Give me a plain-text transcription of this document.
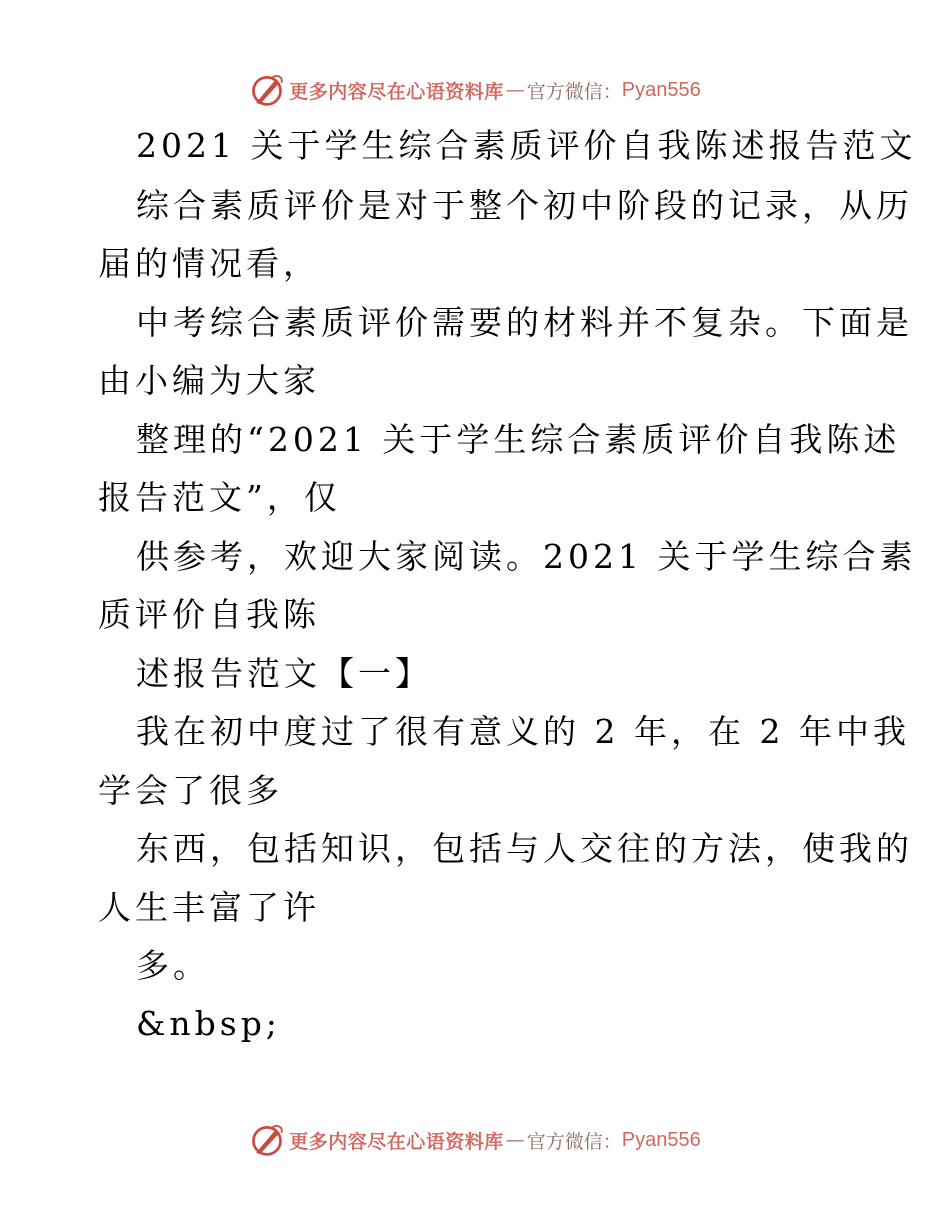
更多内容尽在心语资料库 — 官方微信： Pyan556
2021 关于学生综合素质评价自我陈述报告范文
综合素质评价是对于整个初中阶段的记录，从历
届的情况看，
中考综合素质评价需要的材料并不复杂。下面是
由小编为大家
整理的“2021 关于学生综合素质评价自我陈述
报告范文”，仅
供参考，欢迎大家阅读。2021 关于学生综合素
质评价自我陈
述报告范文【一】
我在初中度过了很有意义的 2 年，在 2 年中我
学会了很多
东西，包括知识，包括与人交往的方法，使我的
人生丰富了许
多。
&nbsp;
更多内容尽在心语资料库 — 官方微信： Pyan556
